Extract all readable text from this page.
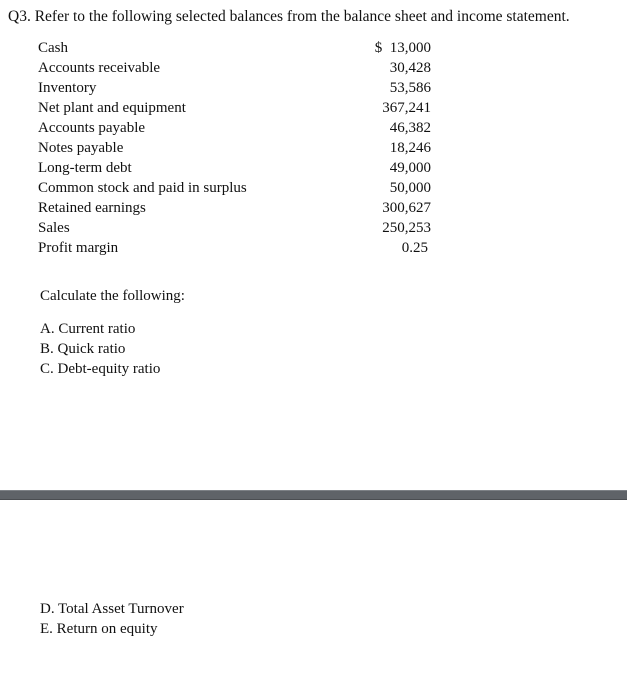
Q3. Refer to the following selected balances from the balance sheet and income statement.
Cash	$  13,000
Accounts receivable	30,428
Inventory	53,586
Net plant and equipment	367,241
Accounts payable	46,382
Notes payable	18,246
Long-term debt	49,000
Common stock and paid in surplus	50,000
Retained earnings	300,627
Sales	250,253
Profit margin	0.25
Calculate the following:
A. Current ratio
B. Quick ratio
C. Debt-equity ratio
D. Total Asset Turnover
E. Return on equity
